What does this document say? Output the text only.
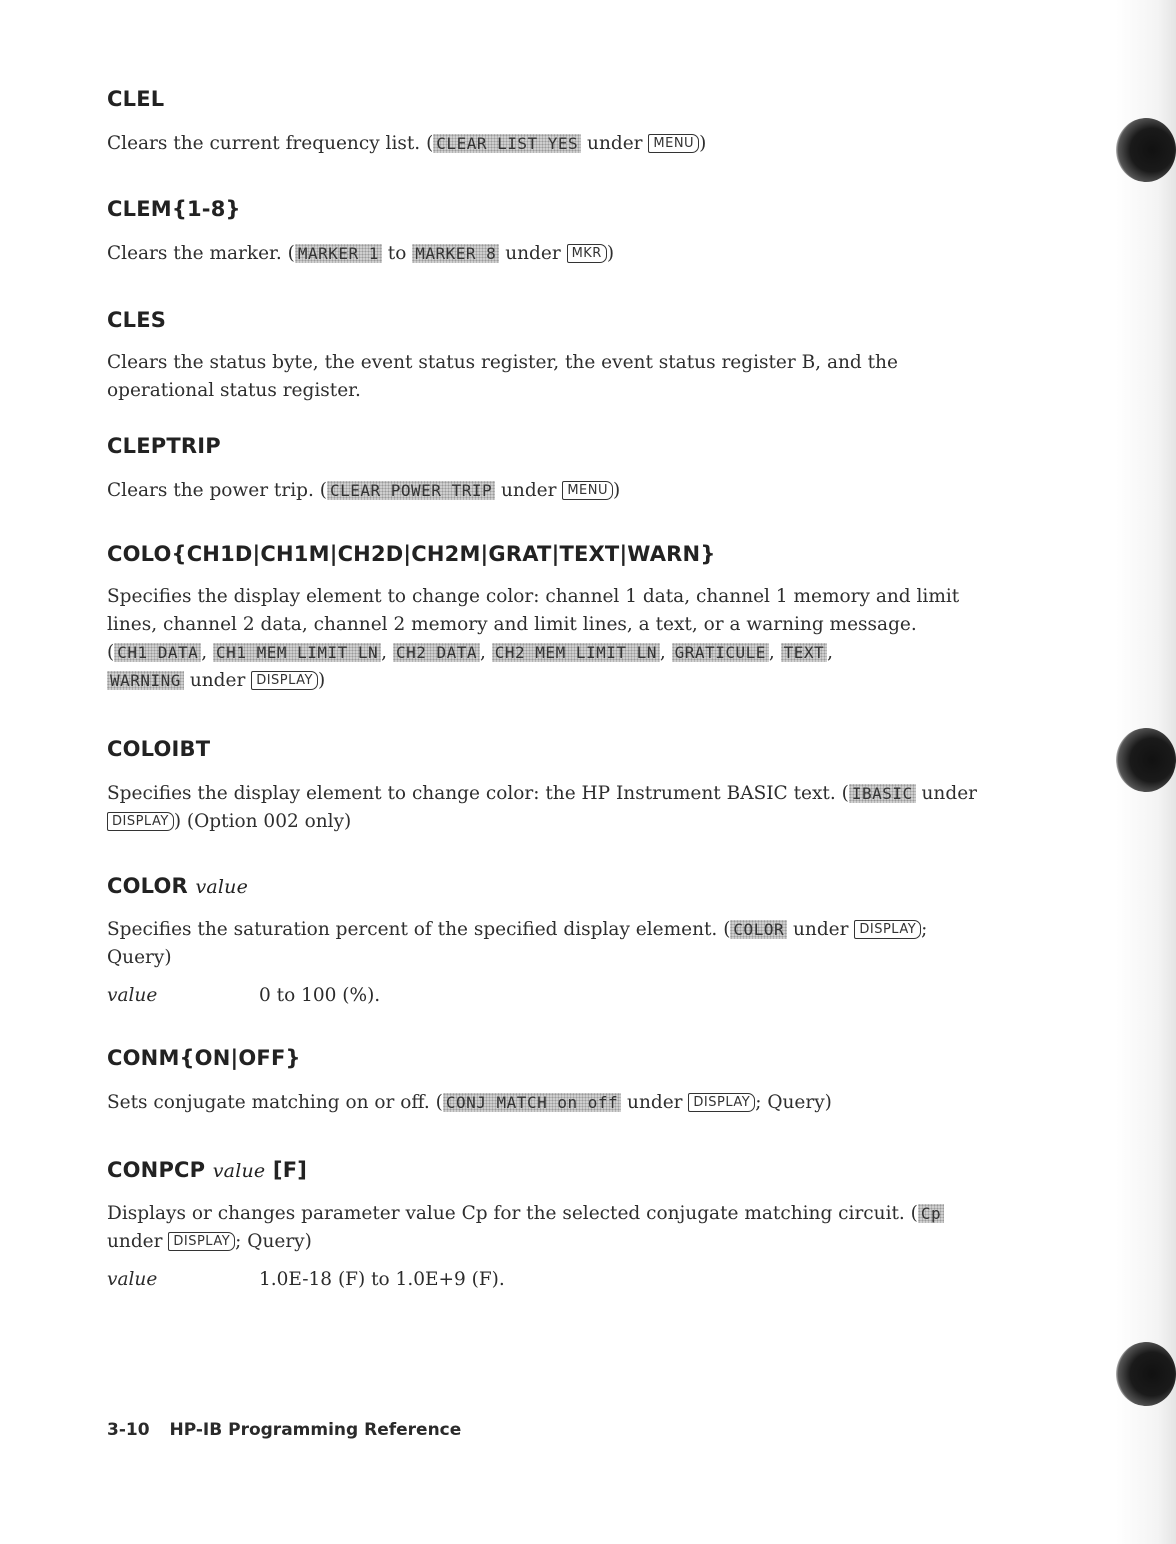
CLEL

Clears the current frequency list. ( CLEAR LIST YES under MENU )

CLEM{1-8}

Clears the marker. ( MARKER 1 to MARKER 8 under MKR )

CLES

Clears the status byte, the event status register, the event status register B, and the
operational status register.

CLEPTRIP

Clears the power trip. ( CLEAR POWER TRIP under MENU )

COLO{CH1D|CH1M|CH2D|CH2M|GRAT|TEXT|WARN}

Specifies the display element to change color: channel 1 data, channel 1 memory and limit
lines, channel 2 data, channel 2 memory and limit lines, a text, or a warning message.
( CH1 DATA , CH1 MEM LIMIT LN , CH2 DATA , CH2 MEM LIMIT LN , GRATICULE , TEXT ,
WARNING under DISPLAY )

COLOIBT

Specifies the display element to change color: the HP Instrument BASIC text. ( IBASIC under
DISPLAY ) (Option 002 only)

COLOR value

Specifies the saturation percent of the specified display element. ( COLOR under DISPLAY ;
Query)

value	0 to 100 (%).
CONM{ON|OFF}

Sets conjugate matching on or off. ( CONJ MATCH on off under DISPLAY ; Query)

CONPCP value [F]

Displays or changes parameter value Cp for the selected conjugate matching circuit. ( Cp
under DISPLAY ; Query)

value	1.0E-18 (F) to 1.0E+9 (F).
3-10 HP-IB Programming Reference
